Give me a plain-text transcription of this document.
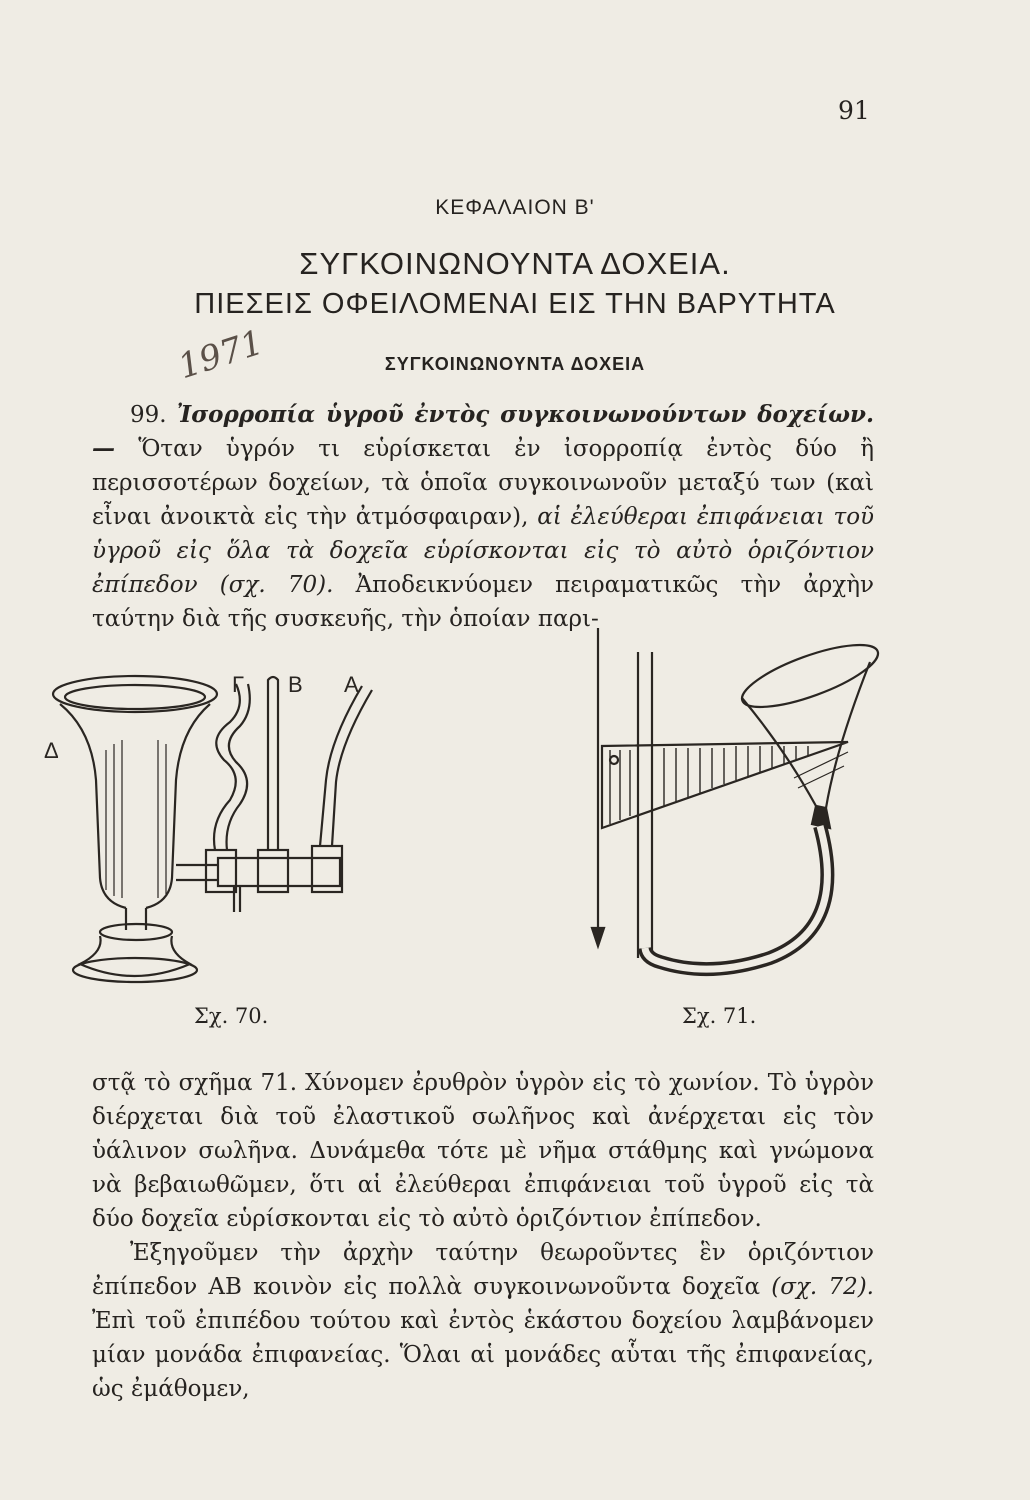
91
ΚΕΦΑΛΑΙΟΝ Β'
ΣΥΓΚΟΙΝΩΝΟΥΝΤΑ ΔΟΧΕΙΑ.
ΠΙΕΣΕΙΣ ΟΦΕΙΛΟΜΕΝΑΙ ΕΙΣ ΤΗΝ ΒΑΡΥΤΗΤΑ
1971	ΣΥΓΚΟΙΝΩΝΟΥΝΤΑ ΔΟΧΕΙΑ

99. Ἰσορροπία ὑγροῦ ἐντὸς συγκοινωνούντων δοχείων.— Ὅταν ὑγρόν τι εὑρίσκεται ἐν ἰσορροπίᾳ ἐντὸς δύο ἢ περισσοτέρων δοχείων, τὰ ὁποῖα συγκοινωνοῦν μεταξύ των (καὶ εἶναι ἀνοικτὰ εἰς τὴν ἀτμόσφαιραν), αἱ ἐλεύθεραι ἐπιφάνειαι τοῦ ὑγροῦ εἰς ὅλα τὰ δοχεῖα εὑρίσκονται εἰς τὸ αὐτὸ ὁριζόντιον ἐπίπεδον (σχ. 70). Ἀποδεικνύομεν πειραματικῶς τὴν ἀρχὴν ταύτην διὰ τῆς συσκευῆς, τὴν ὁποίαν παρι-

Δ
Γ Β Α
Σχ. 70.	Σχ. 71.

στᾷ τὸ σχῆμα 71. Χύνομεν ἐρυθρὸν ὑγρὸν εἰς τὸ χωνίον. Τὸ ὑγρὸν διέρχεται διὰ τοῦ ἐλαστικοῦ σωλῆνος καὶ ἀνέρχεται εἰς τὸν ὑάλινον σωλῆνα. Δυνάμεθα τότε μὲ νῆμα στάθμης καὶ γνώμονα νὰ βεβαιωθῶμεν, ὅτι αἱ ἐλεύθεραι ἐπιφάνειαι τοῦ ὑγροῦ εἰς τὰ δύο δοχεῖα εὑρίσκονται εἰς τὸ αὐτὸ ὁριζόντιον ἐπίπεδον.

Ἐξηγοῦμεν τὴν ἀρχὴν ταύτην θεωροῦντες ἓν ὁριζόντιον ἐπίπεδον ΑΒ κοινὸν εἰς πολλὰ συγκοινωνοῦντα δοχεῖα (σχ. 72). Ἐπὶ τοῦ ἐπιπέδου τούτου καὶ ἐντὸς ἑκάστου δοχείου λαμβάνομεν μίαν μονάδα ἐπιφανείας. Ὅλαι αἱ μονάδες αὗται τῆς ἐπιφανείας, ὡς ἐμάθομεν,
